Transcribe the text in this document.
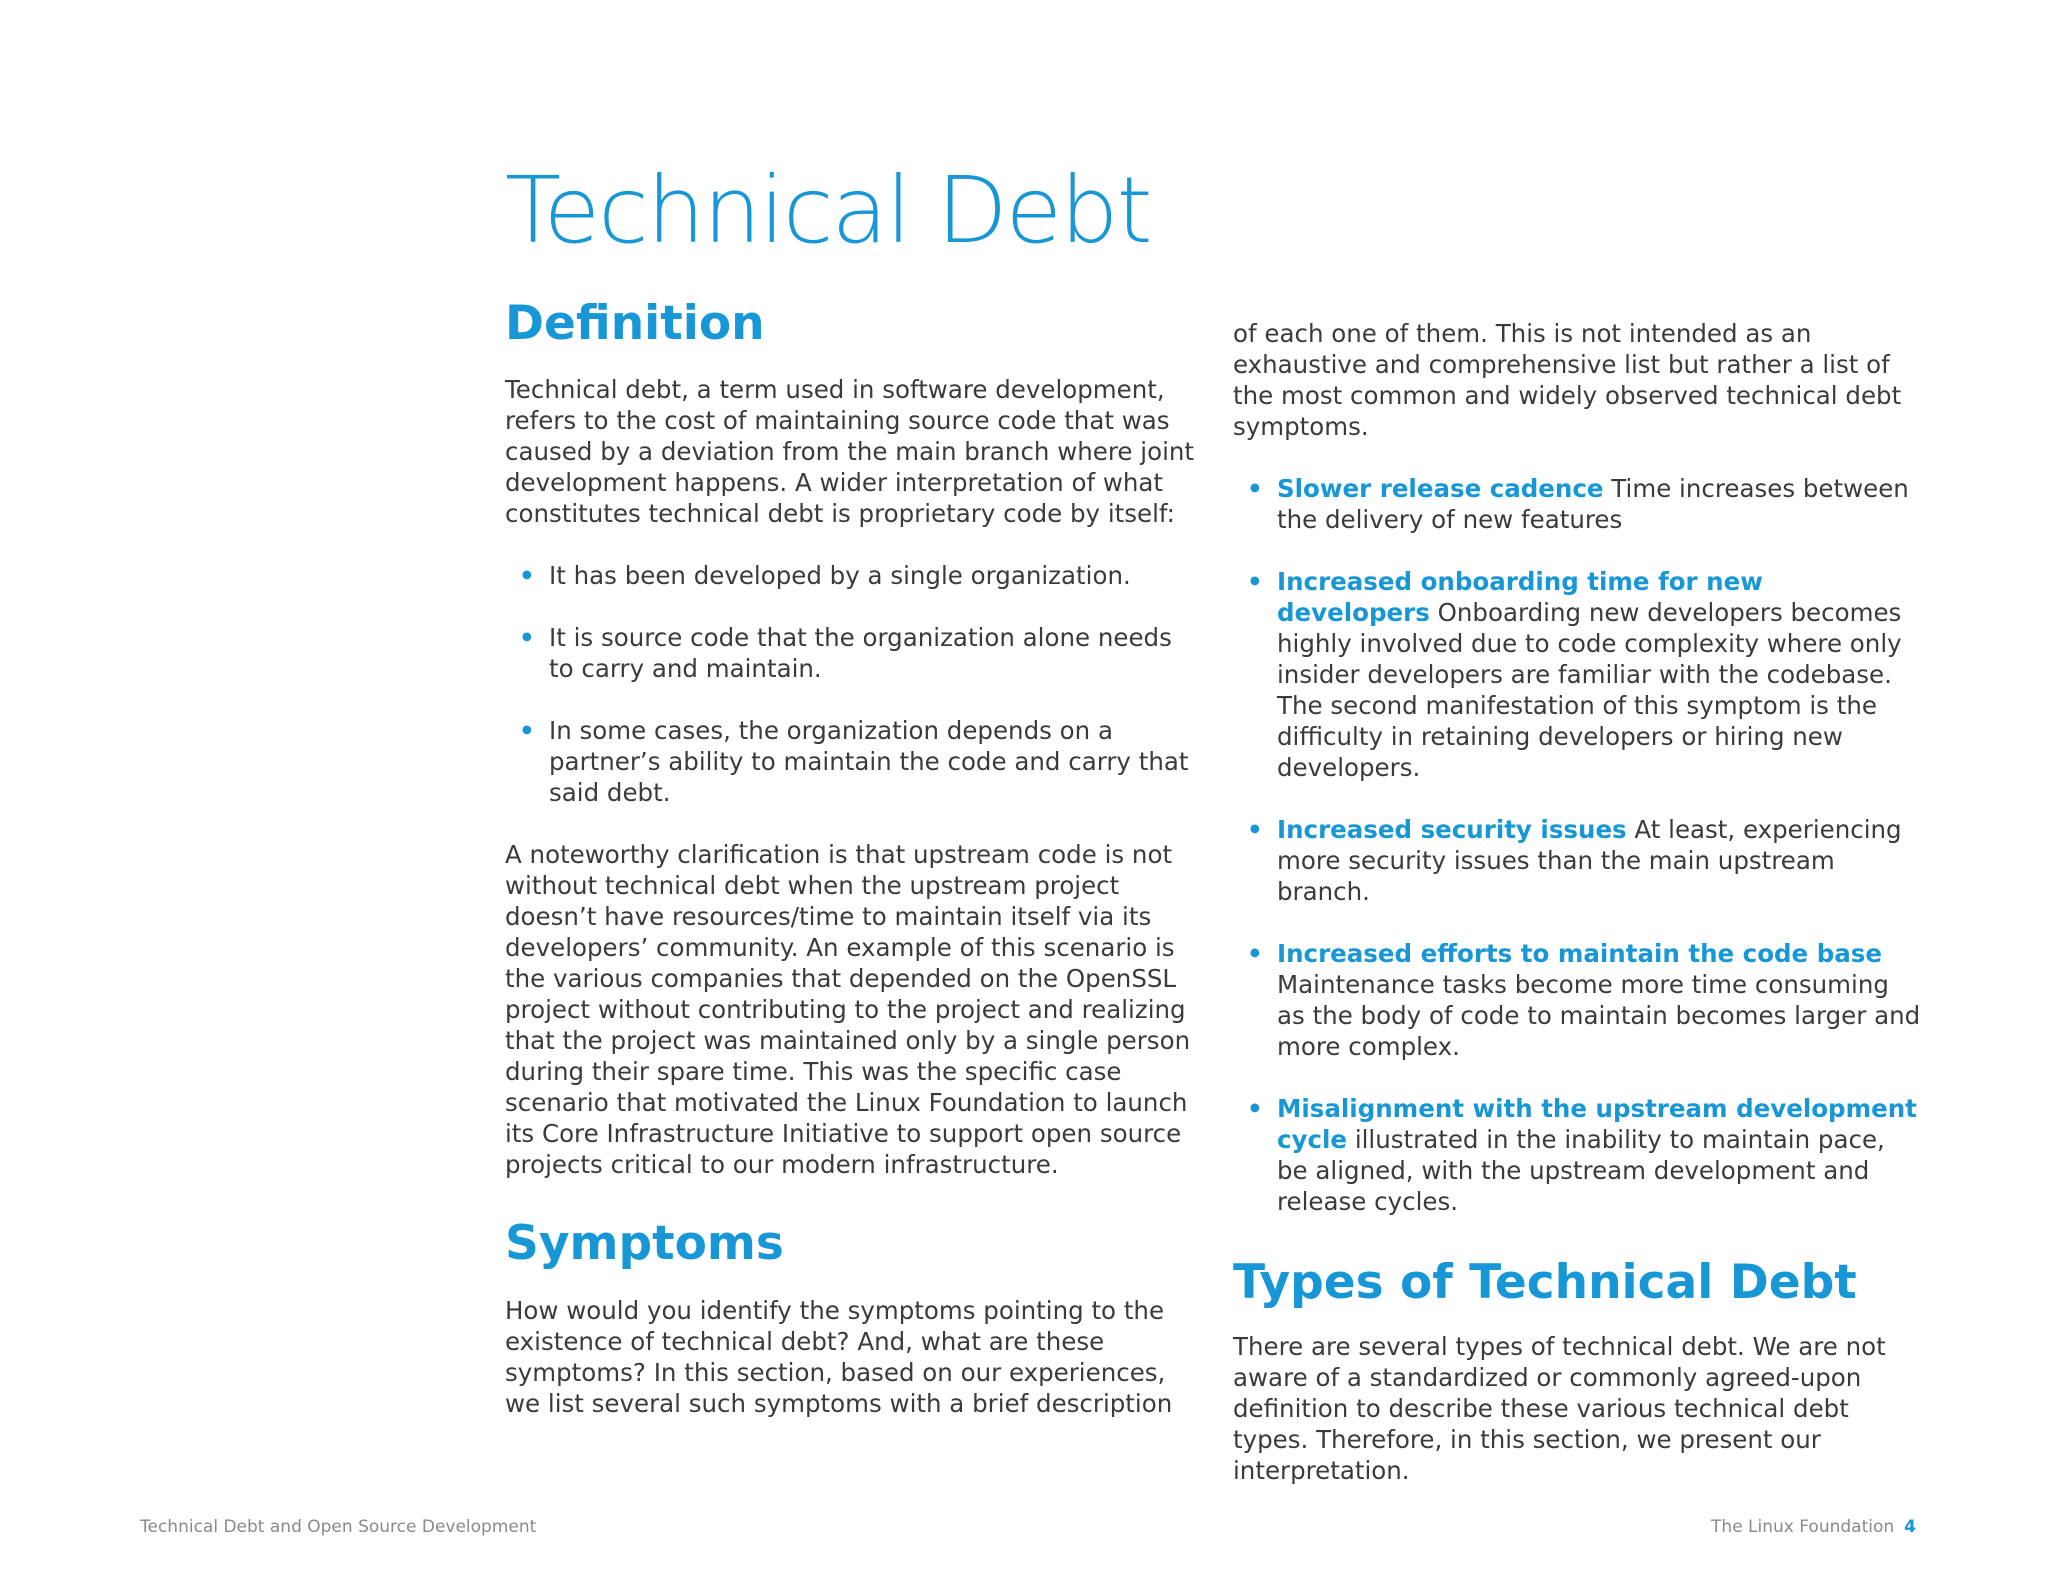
Technical Debt
Definition

Technical debt, a term used in software development, refers to the cost of maintaining source code that was caused by a deviation from the main branch where joint development happens. A wider interpretation of what constitutes technical debt is proprietary code by itself:

• It has been developed by a single organization.
• It is source code that the organization alone needs to carry and maintain.
• In some cases, the organization depends on a partner’s ability to maintain the code and carry that said debt.

A noteworthy clarification is that upstream code is not without technical debt when the upstream project doesn’t have resources/time to maintain itself via its developers’ community. An example of this scenario is the various companies that depended on the OpenSSL project without contributing to the project and realizing that the project was maintained only by a single person during their spare time. This was the specific case scenario that motivated the Linux Foundation to launch its Core Infrastructure Initiative to support open source projects critical to our modern infrastructure.

Symptoms

How would you identify the symptoms pointing to the existence of technical debt? And, what are these symptoms? In this section, based on our experiences, we list several such symptoms with a brief description

of each one of them. This is not intended as an exhaustive and comprehensive list but rather a list of the most common and widely observed technical debt symptoms.

• Slower release cadence Time increases between the delivery of new features
• Increased onboarding time for new developers Onboarding new developers becomes highly involved due to code complexity where only insider developers are familiar with the codebase. The second manifestation of this symptom is the difficulty in retaining developers or hiring new developers.
• Increased security issues At least, experiencing more security issues than the main upstream branch.
• Increased efforts to maintain the code base Maintenance tasks become more time consuming as the body of code to maintain becomes larger and more complex.
• Misalignment with the upstream development cycle illustrated in the inability to maintain pace, be aligned, with the upstream development and release cycles.
Types of Technical Debt

There are several types of technical debt. We are not aware of a standardized or commonly agreed-upon definition to describe these various technical debt types. Therefore, in this section, we present our interpretation.

Technical Debt and Open Source Development	The Linux Foundation 4
